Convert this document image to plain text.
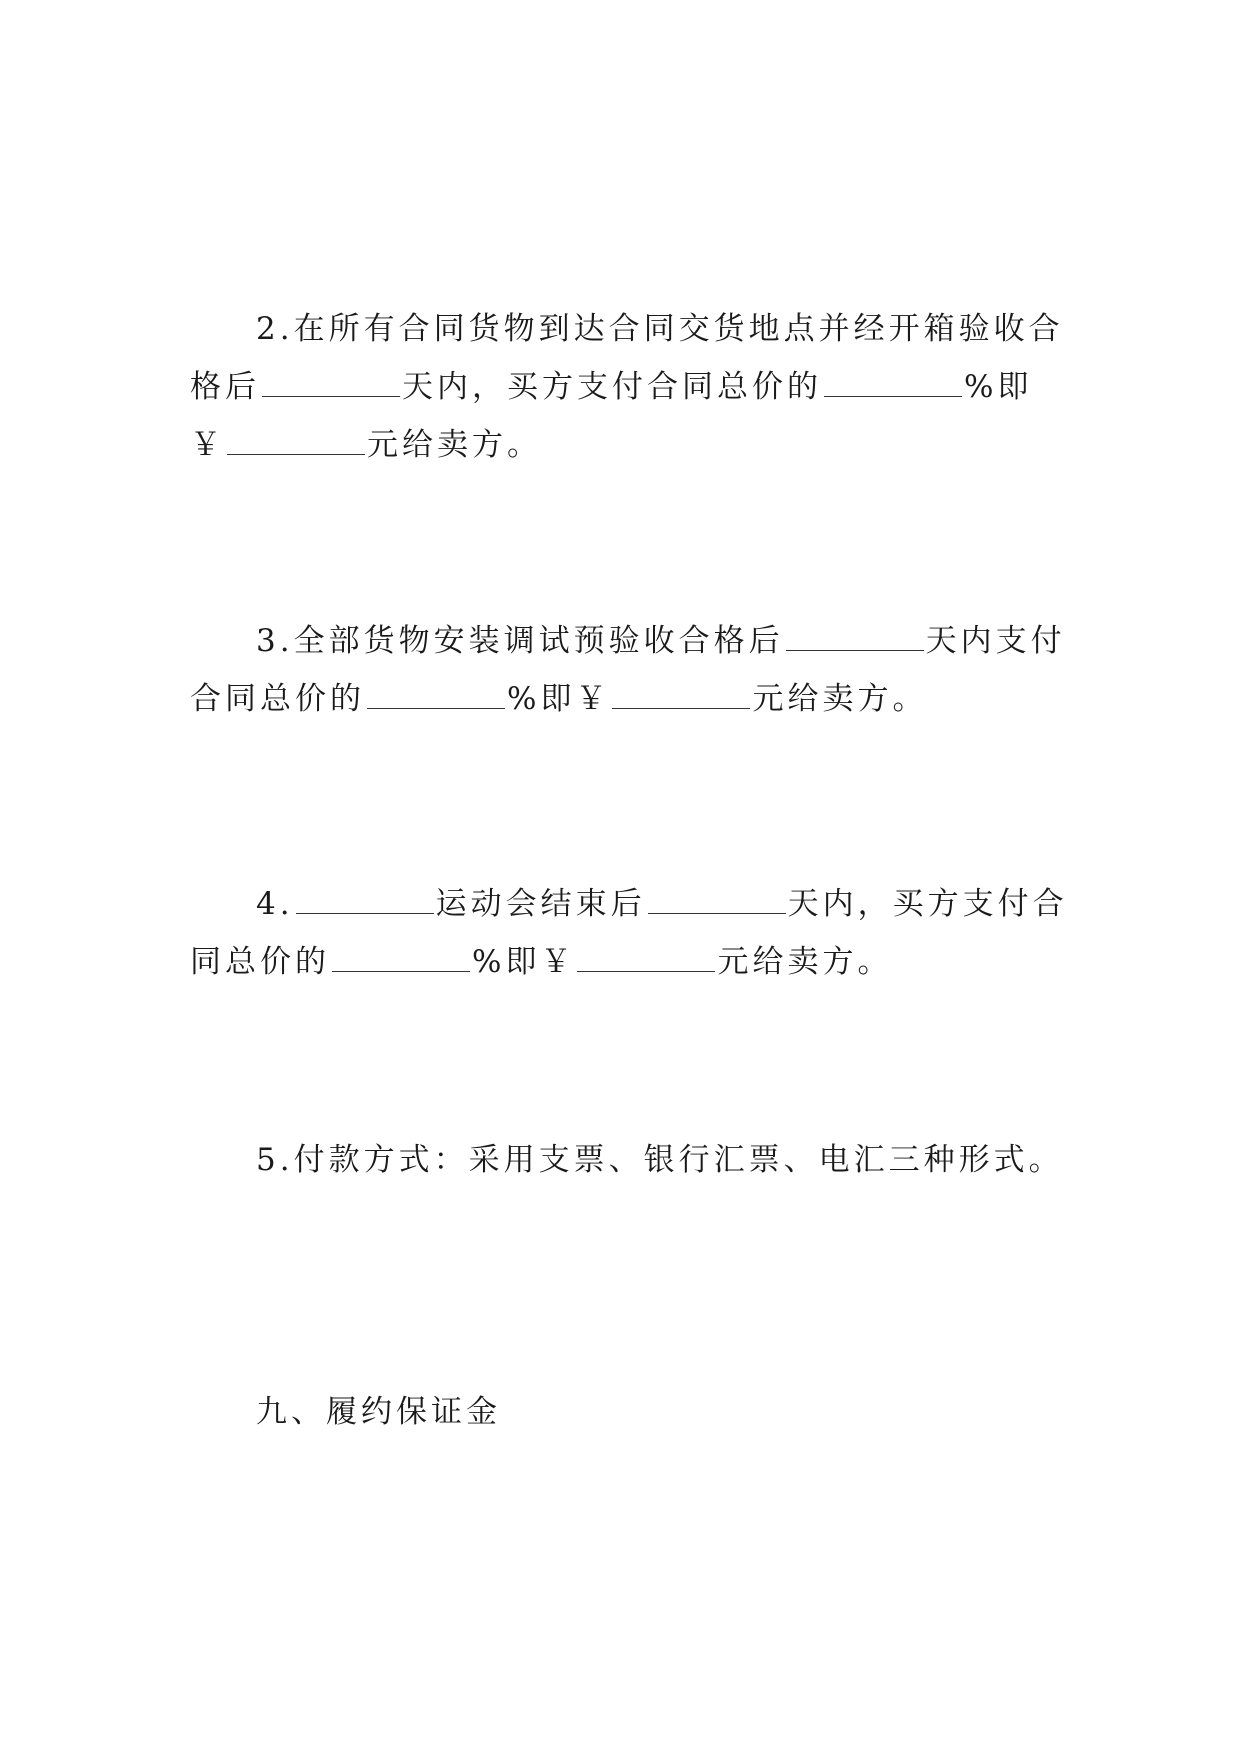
2.在所有合同货物到达合同交货地点并经开箱验收合
格后	天内，买方支付合同总价的	%即
￥	元给卖方。
3.全部货物安装调试预验收合格后	天内支付
合同总价的	%即￥	元给卖方。
4.	运动会结束后	天内，买方支付合
同总价的	%即￥	元给卖方。
5.付款方式：采用支票、银行汇票、电汇三种形式。

九、履约保证金
